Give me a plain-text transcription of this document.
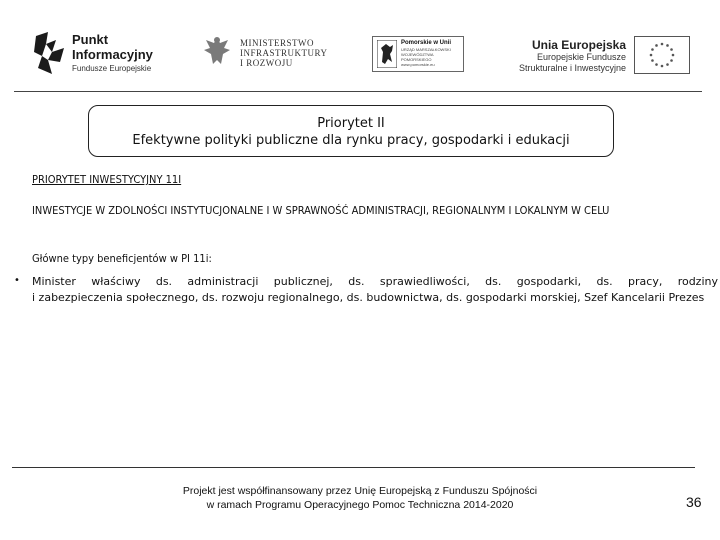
Punkt
Informacyjny
Fundusze Europejskie
MINISTERSTWO
INFRASTRUKTURY
I ROZWOJU
Pomorskie w Unii
URZĄD MARSZAŁKOWSKI
WOJEWÓDZTWA POMORSKIEGO
www.pomorskie.eu
Unia Europejska
Europejskie Fundusze
Strukturalne i Inwestycyjne
Priorytet II
Efektywne polityki publiczne dla rynku pracy, gospodarki i edukacji
PRIORYTET INWESTYCYJNY 11I
INWESTYCJE W ZDOLNOŚCI INSTYTUCJONALNE I W SPRAWNOŚĆ ADMINISTRACJI, REGIONALNYM I LOKALNYM W CELU
Główne typy beneficjentów w PI 11i:
• Minister właściwy ds. administracji publicznej, ds. sprawiedliwości, ds. gospodarki, ds. pracy, rodziny
i zabezpieczenia społecznego, ds. rozwoju regionalnego, ds. budownictwa, ds. gospodarki morskiej, Szef Kancelarii Prezes
Projekt jest współfinansowany przez Unię Europejską z Funduszu Spójności
w ramach Programu Operacyjnego Pomoc Techniczna 2014-2020	36
